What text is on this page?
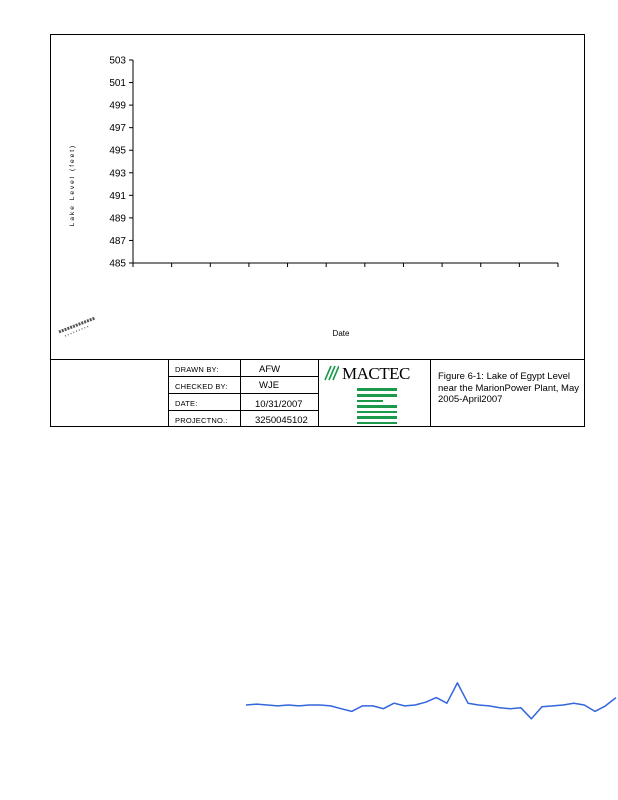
503
501
499
497
495
493
491
489
487
485
Date
Lake Level (feet)
DRAWN BY:	AFW
CHECKED BY:	WJE
DATE:	10/31/2007
PROJECTNO.:	3250045102
MACTEC	Figure 6-1: Lake of Egypt Level near the MarionPower Plant, May 2005-April2007
